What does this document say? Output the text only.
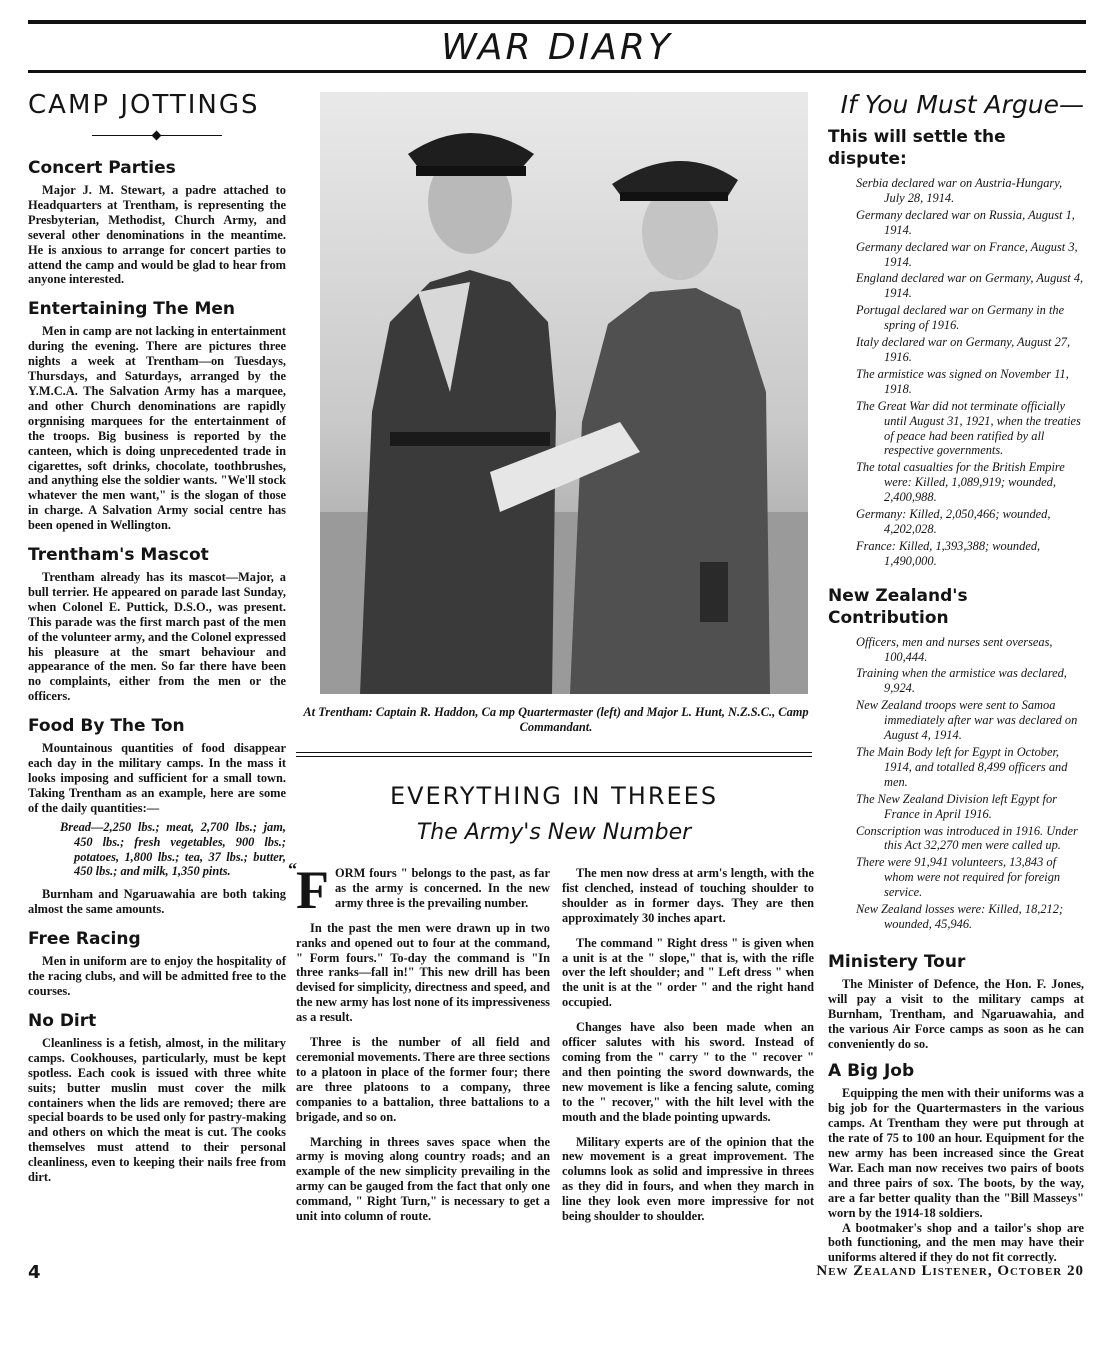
WAR DIARY
CAMP JOTTINGS
Concert Parties

Major J. M. Stewart, a padre attached to Headquarters at Trentham, is representing the Presbyterian, Methodist, Church Army, and several other denominations in the meantime. He is anxious to arrange for concert parties to attend the camp and would be glad to hear from anyone interested.

Entertaining The Men

Men in camp are not lacking in entertainment during the evening. There are pictures three nights a week at Trentham—on Tuesdays, Thursdays, and Saturdays, arranged by the Y.M.C.A. The Salvation Army has a marquee, and other Church denominations are rapidly orgnnising marquees for the entertainment of the troops. Big business is reported by the canteen, which is doing unprecedented trade in cigarettes, soft drinks, chocolate, toothbrushes, and anything else the soldier wants. "We'll stock whatever the men want," is the slogan of those in charge. A Salvation Army social centre has been opened in Wellington.

Trentham's Mascot

Trentham already has its mascot—Major, a bull terrier. He appeared on parade last Sunday, when Colonel E. Puttick, D.S.O., was present. This parade was the first march past of the men of the volunteer army, and the Colonel expressed his pleasure at the smart behaviour and appearance of the men. So far there have been no complaints, either from the men or the officers.

Food By The Ton

Mountainous quantities of food disappear each day in the military camps. In the mass it looks imposing and sufficient for a small town. Taking Trentham as an example, here are some of the daily quantities:—

Bread—2,250 lbs.; meat, 2,700 lbs.; jam, 450 lbs.; fresh vegetables, 900 lbs.; potatoes, 1,800 lbs.; tea, 37 lbs.; butter, 450 lbs.; and milk, 1,350 pints.

Burnham and Ngaruawahia are both taking almost the same amounts.

Free Racing

Men in uniform are to enjoy the hospitality of the racing clubs, and will be admitted free to the courses.

No Dirt

Cleanliness is a fetish, almost, in the military camps. Cookhouses, particularly, must be kept spotless. Each cook is issued with three white suits; butter muslin must cover the milk containers when the lids are removed; there are special boards to be used only for pastry-making and others on which the meat is cut. The cooks themselves must attend to their personal cleanliness, even to keeping their nails free from dirt.

At Trentham: Captain R. Haddon, Ca mp Quartermaster (left) and Major L. Hunt, N.Z.S.C., Camp Commandant.
EVERYTHING IN THREES
The Army's New Number

“ F ORM fours " belongs to the past, as far as the army is concerned. In the new army three is the prevailing number.

In the past the men were drawn up in two ranks and opened out to four at the command, " Form fours." To-day the command is "In three ranks—fall in!" This new drill has been devised for simplicity, directness and speed, and the new army has lost none of its impressiveness as a result.

Three is the number of all field and ceremonial movements. There are three sections to a platoon in place of the former four; there are three platoons to a company, three companies to a battalion, three battalions to a brigade, and so on.

Marching in threes saves space when the army is moving along country roads; and an example of the new simplicity prevailing in the army can be gauged from the fact that only one command, " Right Turn," is necessary to get a unit into column of route.

The men now dress at arm's length, with the fist clenched, instead of touching shoulder to shoulder as in former days. They are then approximately 30 inches apart.

The command " Right dress " is given when a unit is at the " slope," that is, with the rifle over the left shoulder; and " Left dress " when the unit is at the " order " and the right hand occupied.

Changes have also been made when an officer salutes with his sword. Instead of coming from the " carry " to the " recover " and then pointing the sword downwards, the new movement is like a fencing salute, coming to the " recover," with the hilt level with the mouth and the blade pointing upwards.

Military experts are of the opinion that the new movement is a great improvement. The columns look as solid and impressive in threes as they did in fours, and when they march in line they look even more impressive for not being shoulder to shoulder.

If You Must Argue—
This will settle the dispute:
Serbia declared war on Austria-Hungary, July 28, 1914.
Germany declared war on Russia, August 1, 1914.
Germany declared war on France, August 3, 1914.
England declared war on Germany, August 4, 1914.
Portugal declared war on Germany in the spring of 1916.
Italy declared war on Germany, August 27, 1916.
The armistice was signed on November 11, 1918.
The Great War did not terminate officially until August 31, 1921, when the treaties of peace had been ratified by all respective governments.
The total casualties for the British Empire were: Killed, 1,089,919; wounded, 2,400,988.
Germany: Killed, 2,050,466; wounded, 4,202,028.
France: Killed, 1,393,388; wounded, 1,490,000.
New Zealand's Contribution
Officers, men and nurses sent overseas, 100,444.
Training when the armistice was declared, 9,924.
New Zealand troops were sent to Samoa immediately after war was declared on August 4, 1914.
The Main Body left for Egypt in October, 1914, and totalled 8,499 officers and men.
The New Zealand Division left Egypt for France in April 1916.
Conscription was introduced in 1916. Under this Act 32,270 men were called up.
There were 91,941 volunteers, 13,843 of whom were not required for foreign service.
New Zealand losses were: Killed, 18,212; wounded, 45,946.
Ministery Tour

The Minister of Defence, the Hon. F. Jones, will pay a visit to the military camps at Burnham, Trentham, and Ngaruawahia, and the various Air Force camps as soon as he can conveniently do so.

A Big Job

Equipping the men with their uniforms was a big job for the Quartermasters in the various camps. At Trentham they were put through at the rate of 75 to 100 an hour. Equipment for the new army has been increased since the Great War. Each man now receives two pairs of boots and three pairs of sox. The boots, by the way, are a far better quality than the "Bill Masseys" worn by the 1914-18 soldiers.

A bootmaker's shop and a tailor's shop are both functioning, and the men may have their uniforms altered if they do not fit correctly.

4	New Zealand Listener, October 20
